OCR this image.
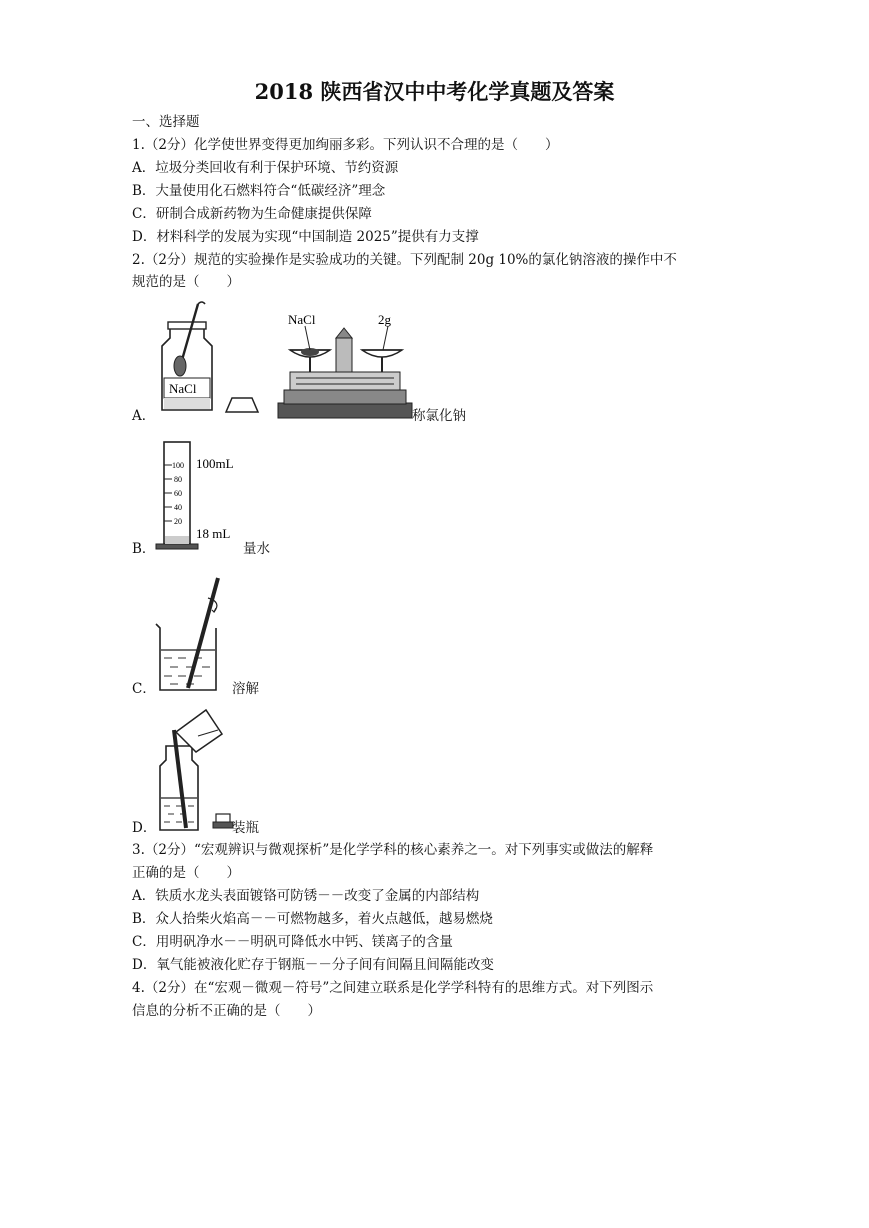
2018 陕西省汉中中考化学真题及答案
一、选择题
1.（2分）化学使世界变得更加绚丽多彩。下列认识不合理的是（　　）
A．垃圾分类回收有利于保护环境、节约资源
B．大量使用化石燃料符合“低碳经济”理念
C．研制合成新药物为生命健康提供保障
D．材料科学的发展为实现“中国制造 2025”提供有力支撑
2.（2分）规范的实验操作是实验成功的关键。下列配制 20g 10%的氯化钠溶液的操作中不
规范的是（　　）
A．
NaCl
NaCl	2g
称氯化钠
B．
100
80
60
40
20
100mL
18 mL
量水
C．	溶解
D．	装瓶
3.（2分）“宏观辨识与微观探析”是化学学科的核心素养之一。对下列事实或做法的解释
正确的是（　　）
A．铁质水龙头表面镀铬可防锈－－改变了金属的内部结构
B．众人拾柴火焰高－－可燃物越多，着火点越低，越易燃烧
C．用明矾净水－－明矾可降低水中钙、镁离子的含量
D．氧气能被液化贮存于钢瓶－－分子间有间隔且间隔能改变
4.（2分）在“宏观－微观－符号”之间建立联系是化学学科特有的思维方式。对下列图示
信息的分析不正确的是（　　）
